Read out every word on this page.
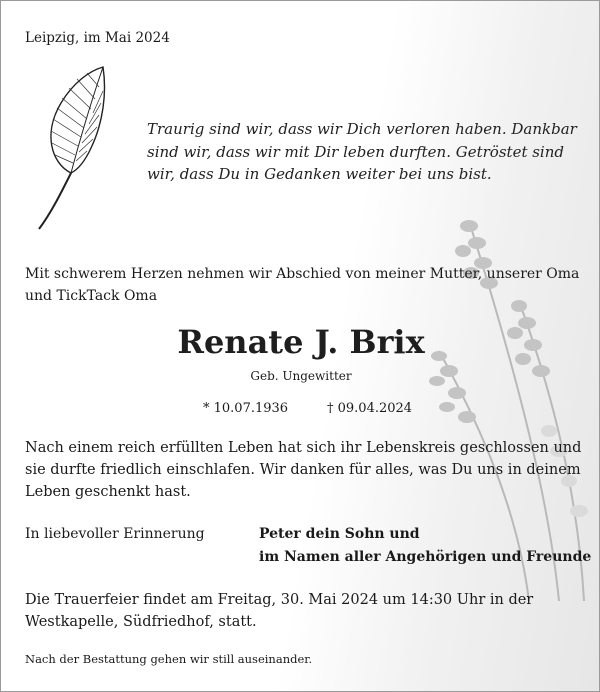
Leipzig, im Mai 2024
Traurig sind wir, dass wir Dich verloren haben. Dankbar sind wir, dass wir mit Dir leben durften. Getröstet sind wir, dass Du in Gedanken weiter bei uns bist.
Mit schwerem Herzen nehmen wir Abschied von meiner Mutter, unserer Oma und TickTack Oma
Renate J. Brix
Geb. Ungewitter
* 10.07.1936	† 09.04.2024
Nach einem reich erfüllten Leben hat sich ihr Lebenskreis geschlossen und sie durfte friedlich einschlafen. Wir danken für alles, was Du uns in deinem Leben geschenkt hast.
In liebevoller Erinnerung	Peter dein Sohn und
im Namen aller Angehörigen und Freunde
Die Trauerfeier findet am Freitag, 30. Mai 2024 um 14:30 Uhr in der Westkapelle, Südfriedhof, statt.
Nach der Bestattung gehen wir still auseinander.
